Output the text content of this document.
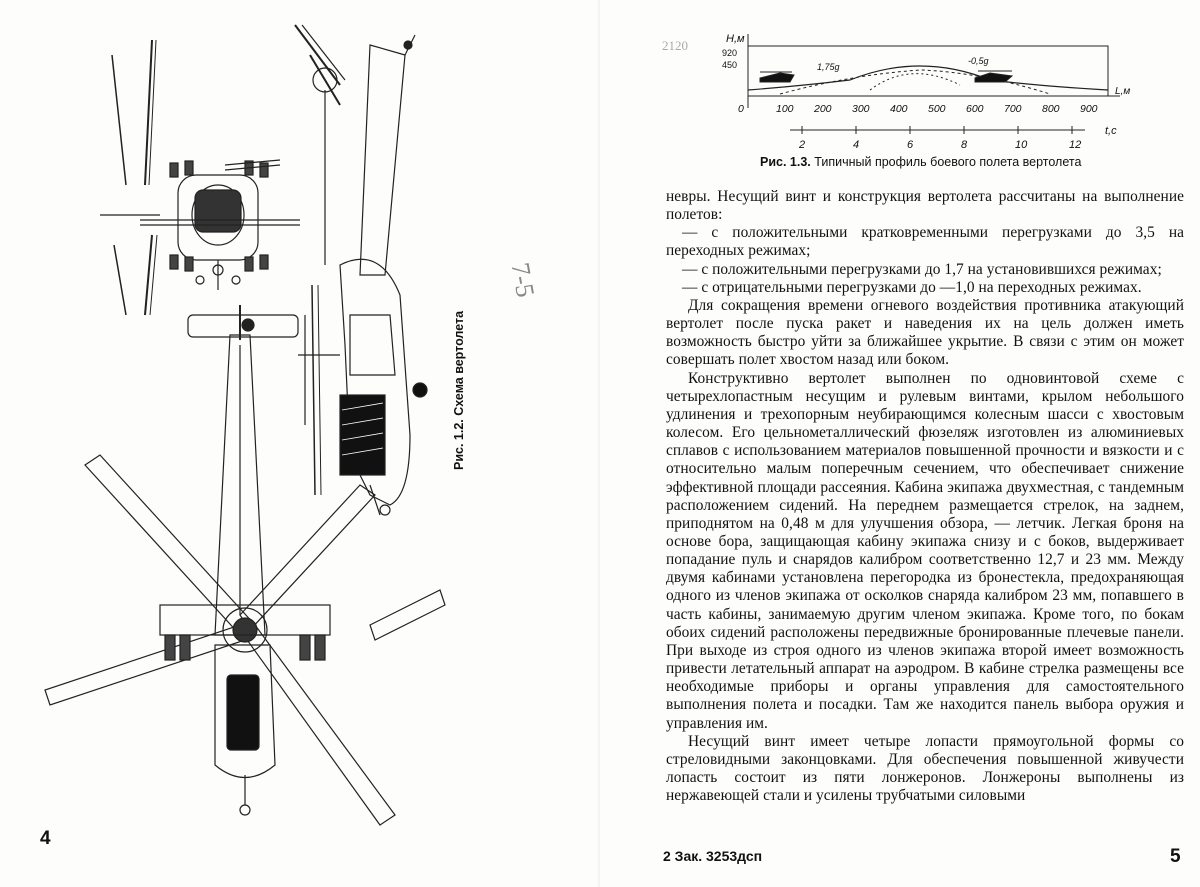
Рис. 1.2. Схема вертолета
7-5
4
2120	H,м
920
450	1,75g
-0,5g
L,м
t,c
0	100 200 300 400 500 600 700 800 900
2	4	6	8	10	12
Рис. 1.3. Типичный профиль боевого полета вертолета

невры. Несущий винт и конструкция вертолета рассчитаны на выполнение полетов:

— с положительными кратковременными перегрузками до 3,5 на переходных режимах;

— с положительными перегрузками до 1,7 на установившихся режимах;

— с отрицательными перегрузками до —1,0 на переходных режимах.

Для сокращения времени огневого воздействия противника атакующий вертолет после пуска ракет и наведения их на цель должен иметь возможность быстро уйти за ближайшее укрытие. В связи с этим он может совершать полет хвостом назад или боком.

Конструктивно вертолет выполнен по одновинтовой схеме с четырехлопастным несущим и рулевым винтами, крылом небольшого удлинения и трехопорным неубирающимся колесным шасси с хвостовым колесом. Его цельнометаллический фюзеляж изготовлен из алюминиевых сплавов с использованием материалов повышенной прочности и вязкости и с относительно малым поперечным сечением, что обеспечивает снижение эффективной площади рассеяния. Кабина экипажа двухместная, с тандемным расположением сидений. На переднем размещается стрелок, на заднем, приподнятом на 0,48 м для улучшения обзора, — летчик. Легкая броня на основе бора, защищающая кабину экипажа снизу и с боков, выдерживает попадание пуль и снарядов калибром соответственно 12,7 и 23 мм. Между двумя кабинами установлена перегородка из бронестекла, предохраняющая одного из членов экипажа от осколков снаряда калибром 23 мм, попавшего в часть кабины, занимаемую другим членом экипажа. Кроме того, по бокам обоих сидений расположены передвижные бронированные плечевые панели. При выходе из строя одного из членов экипажа второй имеет возможность привести летательный аппарат на аэродром. В кабине стрелка размещены все необходимые приборы и органы управления для самостоятельного выполнения полета и посадки. Там же находится панель выбора оружия и управления им.

Несущий винт имеет четыре лопасти прямоугольной формы со стреловидными законцовками. Для обеспечения повышенной живучести лопасть состоит из пяти лонжеронов. Лонжероны выполнены из нержавеющей стали и усилены трубчатыми силовыми

2 Зак. 3253дсп	5
